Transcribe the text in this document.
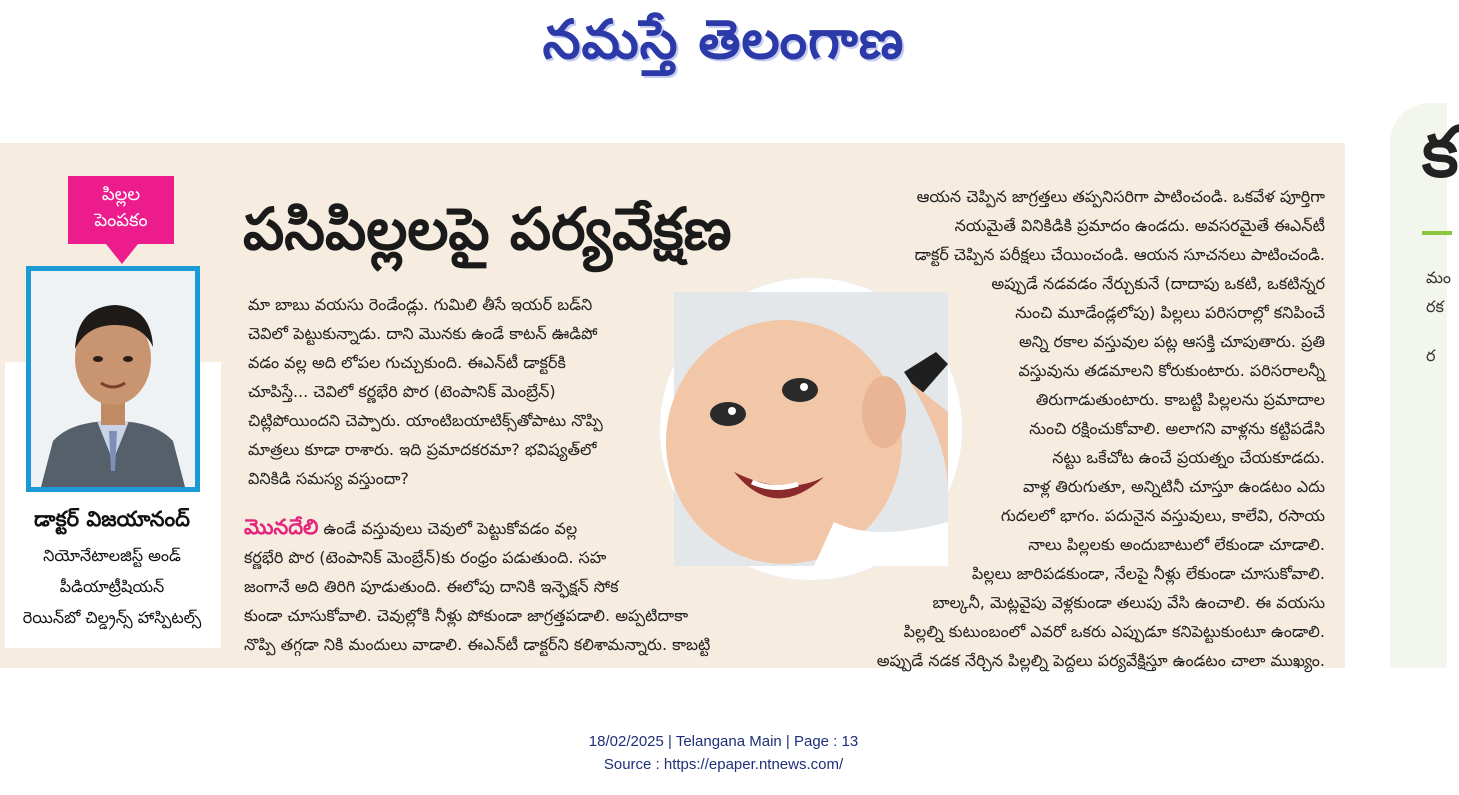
నమస్తే తెలంగాణ
క
మం
రక
ర
పిల్లల
పెంపకం
డాక్టర్ విజయానంద్
నియోనేటాలజిస్ట్ అండ్
పీడియాట్రీషియన్
రెయిన్‌బో చిల్డ్రన్స్ హాస్పిటల్స్
పసిపిల్లలపై పర్యవేక్షణ
మా బాబు వయసు రెండేండ్లు. గుమిలి తీసే ఇయర్ బడ్‌ని
చెవిలో పెట్టుకున్నాడు. దాని మొనకు ఉండే కాటన్ ఊడిపో
వడం వల్ల అది లోపల గుచ్చుకుంది. ఈఎన్‌టీ డాక్టర్‌కి
చూపిస్తే... చెవిలో కర్ణభేరి పొర (టెంపానిక్ మెంబ్రేన్)
చిట్లిపోయిందని చెప్పారు. యాంటిబయాటిక్స్‌తోపాటు నొప్పి
మాత్రలు కూడా రాశారు. ఇది ప్రమాదకరమా? భవిష్యత్‌లో
వినికిడి సమస్య వస్తుందా?
మొనదేలి ఉండే వస్తువులు చెవులో పెట్టుకోవడం వల్ల
కర్ణభేరి పొర (టెంపానిక్ మెంబ్రేన్)కు రంధ్రం పడుతుంది. సహ
జంగానే అది తిరిగి పూడుతుంది. ఈలోపు దానికి ఇన్ఫెక్షన్ సోక
కుండా చూసుకోవాలి. చెవుల్లోకి నీళ్లు పోకుండా జాగ్రత్తపడాలి. అప్పటిదాకా
నొప్పి తగ్గడా నికి మందులు వాడాలి. ఈఎన్‌టీ డాక్టర్‌ని కలిశామన్నారు. కాబట్టి
ఆయన చెప్పిన జాగ్రత్తలు తప్పనిసరిగా పాటించండి. ఒకవేళ పూర్తిగా
నయమైతే వినికిడికి ప్రమాదం ఉండదు. అవసరమైతే ఈఎన్‌టీ
డాక్టర్ చెప్పిన పరీక్షలు చేయించండి. ఆయన సూచనలు పాటించండి.
అప్పుడే నడవడం నేర్చుకునే (దాదాపు ఒకటి, ఒకటిన్నర
నుంచి మూడేండ్లలోపు) పిల్లలు పరిసరాల్లో కనిపించే
అన్ని రకాల వస్తువుల పట్ల ఆసక్తి చూపుతారు. ప్రతి
వస్తువును తడమాలని కోరుకుంటారు. పరిసరాలన్నీ
తిరుగాడుతుంటారు. కాబట్టి పిల్లలను ప్రమాదాల
నుంచి రక్షించుకోవాలి. అలాగని వాళ్లను కట్టిపడేసి
నట్టు ఒకేచోట ఉంచే ప్రయత్నం చేయకూడదు.
వాళ్ల తిరుగుతూ, అన్నిటినీ చూస్తూ ఉండటం ఎదు
గుదలలో భాగం. పదునైన వస్తువులు, కాలేవి, రసాయ
నాలు పిల్లలకు అందుబాటులో లేకుండా చూడాలి.
పిల్లలు జారిపడకుండా, నేలపై నీళ్లు లేకుండా చూసుకోవాలి.
బాల్కనీ, మెట్లవైపు వెళ్లకుండా తలుపు వేసి ఉంచాలి. ఈ వయసు
పిల్లల్ని కుటుంబంలో ఎవరో ఒకరు ఎప్పుడూ కనిపెట్టుకుంటూ ఉండాలి.
అప్పుడే నడక నేర్చిన పిల్లల్ని పెద్దలు పర్యవేక్షిస్తూ ఉండటం చాలా ముఖ్యం.
18/02/2025 | Telangana Main | Page : 13
Source : https://epaper.ntnews.com/
